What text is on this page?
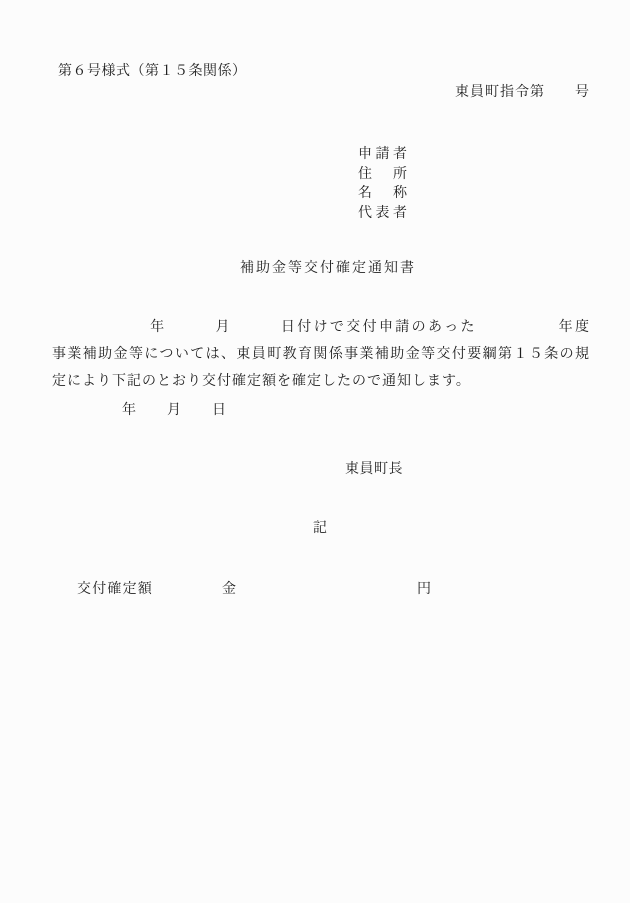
第６号様式（第１５条関係）
東員町指令第　　号
申請者
住　所
名　称
代表者
補助金等交付確定通知書
　　　　　　年　　　月　　　日付けで交付申請のあった　　　　　年度
事業補助金等については、東員町教育関係事業補助金等交付要綱第１５条の規
定により下記のとおり交付確定額を確定したので通知します。
年　　月　　日
東員町長
記
交付確定額	金	円
